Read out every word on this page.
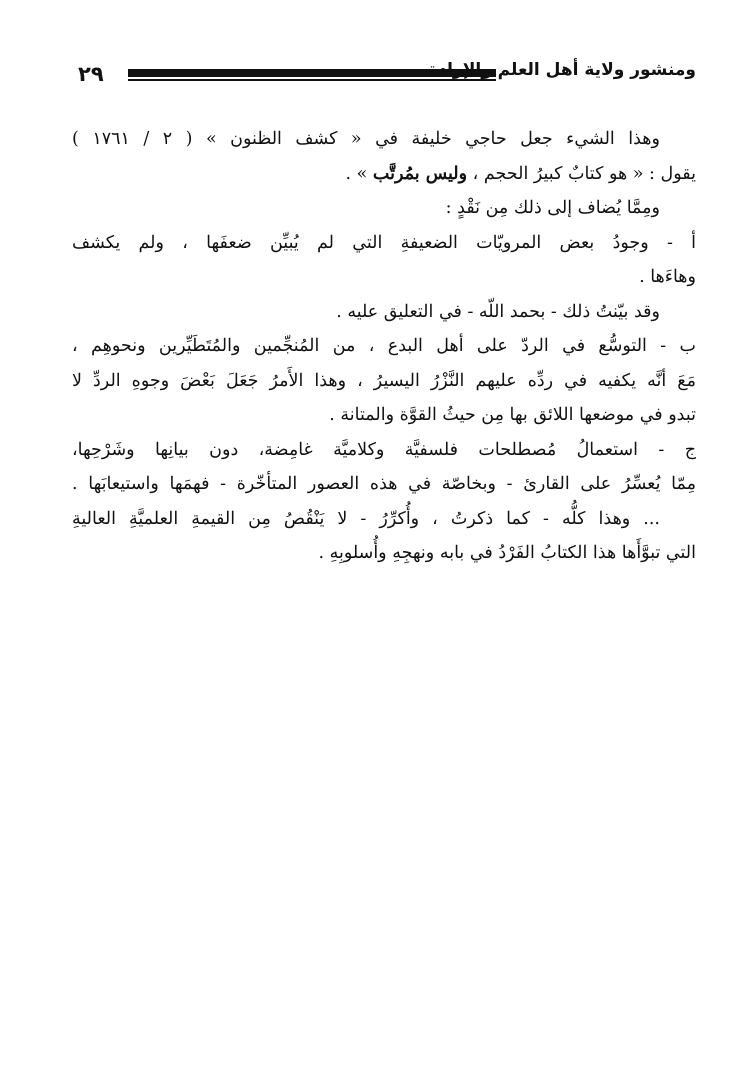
٢٩	ومنشور ولاية أهل العلم والإرادة
وهذا الشيء جعل حاجي خليفة في « كشف الظنون » ( ٢ / ١٧٦١ )
يقول : « هو كتابٌ كبيرُ الحجم ، وليس بمُرتَّب » .
ومِمَّا يُضاف إلى ذلك مِن نَقْدٍ :
أ - وجودُ بعض المرويّات الضعيفةِ التي لم يُبيِّن ضعفَها ، ولم يكشف
وهاءَها .
وقد بيّنتُ ذلك - بحمد اللّه - في التعليق عليه .
ب - التوسُّع في الردّ على أهل البدع ، من المُنجِّمين والمُتَطَيِّرين ونحوهِم ،
مَعَ أنَّه يكفيه في ردِّه عليهم النَّزْرُ اليسيرُ ، وهذا الأَمرُ جَعَلَ بَعْضَ وجوهِ الردِّ لا
تبدو في موضعها اللائق بها مِن حيثُ القوَّة والمتانة .
ج - استعمالُ مُصطلحات فلسفيَّة وكلاميَّة غامِضة، دون بيانِها وشَرْحِها،
مِمّا يُعسِّرُ على القارئ - وبخاصّة في هذه العصور المتأخّرة - فهمَها واستيعابَها .
... وهذا كلُّه - كما ذكرتُ ، وأُكرِّرُ - لا يَنْقُصُ مِن القيمةِ العلميَّةِ العاليةِ
التي تبوَّأَها هذا الكتابُ الفَرْدُ في بابه ونهجِهِ وأُسلوبِهِ .
